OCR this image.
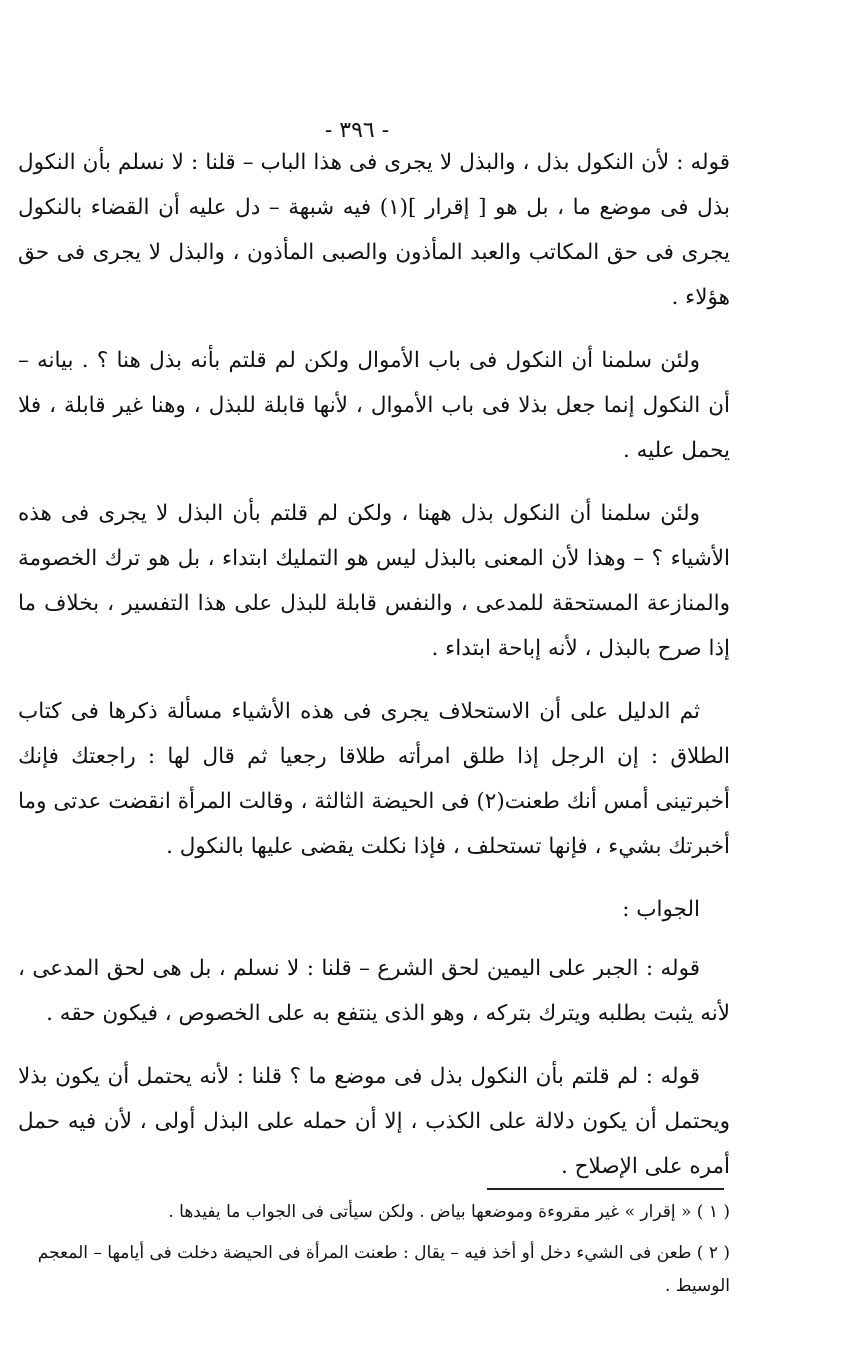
- ٣٩٦ -

قوله : لأن النكول بذل ، والبذل لا يجرى فى هذا الباب – قلنا : لا نسلم بأن النكول بذل فى موضع ما ، بل هو [ إقرار ](١) فيه شبهة – دل عليه أن القضاء بالنكول يجرى فى حق المكاتب والعبد المأذون والصبى المأذون ، والبذل لا يجرى فى حق هؤلاء .

ولئن سلمنا أن النكول فى باب الأموال ولكن لم قلتم بأنه بذل هنا ؟ . بيانه – أن النكول إنما جعل بذلا فى باب الأموال ، لأنها قابلة للبذل ، وهنا غير قابلة ، فلا يحمل عليه .

ولئن سلمنا أن النكول بذل ههنا ، ولكن لم قلتم بأن البذل لا يجرى فى هذه الأشياء ؟ – وهذا لأن المعنى بالبذل ليس هو التمليك ابتداء ، بل هو ترك الخصومة والمنازعة المستحقة للمدعى ، والنفس قابلة للبذل على هذا التفسير ، بخلاف ما إذا صرح بالبذل ، لأنه إباحة ابتداء .

ثم الدليل على أن الاستحلاف يجرى فى هذه الأشياء مسألة ذكرها فى كتاب الطلاق : إن الرجل إذا طلق امرأته طلاقا رجعيا ثم قال لها : راجعتك فإنك أخبرتينى أمس أنك طعنت(٢) فى الحيضة الثالثة ، وقالت المرأة انقضت عدتى وما أخبرتك بشيء ، فإنها تستحلف ، فإذا نكلت يقضى عليها بالنكول .

الجواب :

قوله : الجبر على اليمين لحق الشرع – قلنا : لا نسلم ، بل هى لحق المدعى ، لأنه يثبت بطلبه ويترك بتركه ، وهو الذى ينتفع به على الخصوص ، فيكون حقه .

قوله : لم قلتم بأن النكول بذل فى موضع ما ؟ قلنا : لأنه يحتمل أن يكون بذلا ويحتمل أن يكون دلالة على الكذب ، إلا أن حمله على البذل أولى ، لأن فيه حمل أمره على الإصلاح .

( ١ ) « إقرار » غير مقروءة وموضعها بياض . ولكن سيأتى فى الجواب ما يفيدها .

( ٢ ) طعن فى الشيء دخل أو أخذ فيه – يقال : طعنت المرأة فى الحيضة دخلت فى أيامها – المعجم الوسيط .
